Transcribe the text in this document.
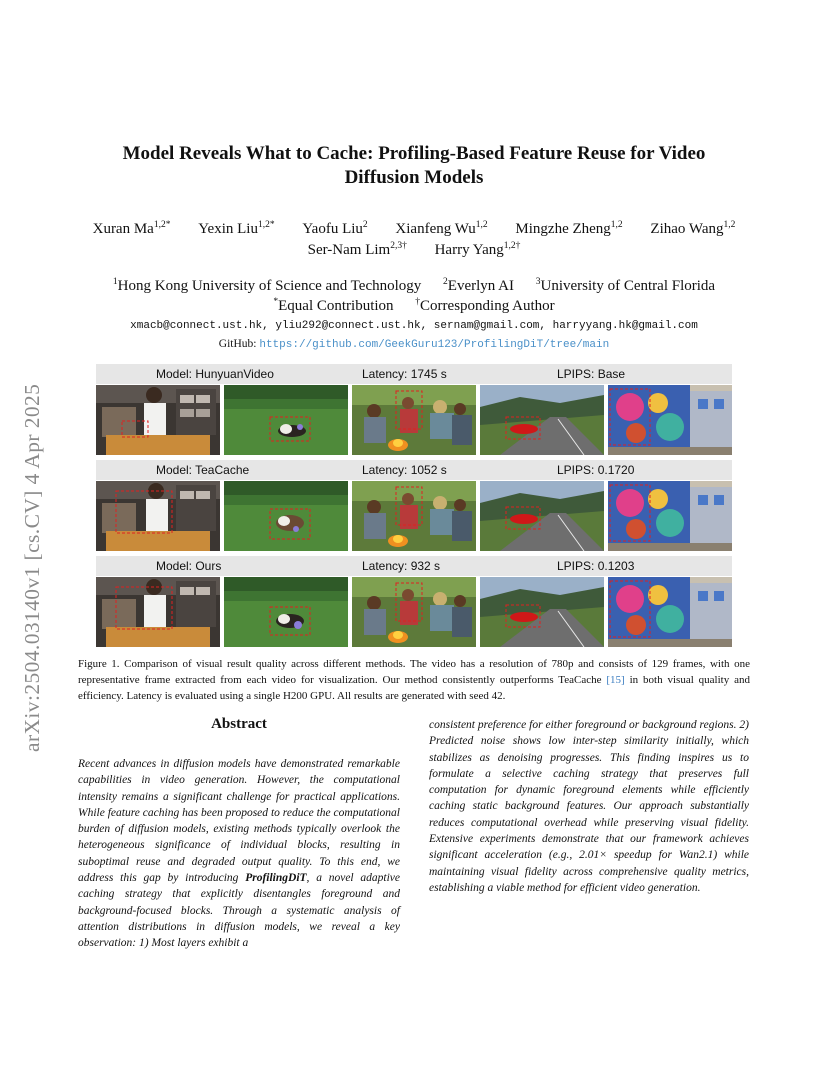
arXiv:2504.03140v1 [cs.CV] 4 Apr 2025
Model Reveals What to Cache: Profiling-Based Feature Reuse for Video
Diffusion Models
Xuran $Ma^{1,2*}$ Yexin Liu$^{1,2*}$ Yaofu Liu$^2$ Xianfeng Wu$^{1,2}$ Mingzhe Zheng$^{1,2}$ Zihao Wang$^{1,2}$
Ser-Nam Lim$^{2,3\dagger}$ Harry Yang$^{1,2\dagger}$
$^1$Hong Kong University of Science and Technology $^2$Everlyn AI $^3$University of Central Florida
*Equal Contribution †Corresponding Author
xmacb@connect.ust.hk, yliu292@connect.ust.hk, sernam@gmail.com, harryyang.hk@gmail.com
GitHub: https://github.com/GeekGuru123/ProfilingDiT/tree/main
Model: HunyuanVideo	Latency: 1745 s	LPIPS: Base
Model: TeaCache	Latency: 1052 s	LPIPS: 0.1720
Model: Ours	Latency: 932 s	LPIPS: 0.1203
Figure 1. Comparison of visual result quality across different methods. The video has a resolution of 780p and consists of 129 frames, with one representative frame extracted from each video for visualization. Our method consistently outperforms TeaCache [15] in both visual quality and efficiency. Latency is evaluated using a single H200 GPU. All results are generated with seed 42.
Abstract
Recent advances in diffusion models have demonstrated remarkable capabilities in video generation. However, the computational intensity remains a significant challenge for practical applications. While feature caching has been proposed to reduce the computational burden of diffusion models, existing methods typically overlook the heterogeneous significance of individual blocks, resulting in suboptimal reuse and degraded output quality. To this end, we address this gap by introducing ProfilingDiT, a novel adaptive caching strategy that explicitly disentangles foreground and background-focused blocks. Through a systematic analysis of attention distributions in diffusion models, we reveal a key observation: 1) Most layers exhibit a
consistent preference for either foreground or background regions. 2) Predicted noise shows low inter-step similarity initially, which stabilizes as denoising progresses. This finding inspires us to formulate a selective caching strategy that preserves full computation for dynamic foreground elements while efficiently caching static background features. Our approach substantially reduces computational overhead while preserving visual fidelity. Extensive experiments demonstrate that our framework achieves significant acceleration (e.g., 2.01× speedup for Wan2.1) while maintaining visual fidelity across comprehensive quality metrics, establishing a viable method for efficient video generation.
